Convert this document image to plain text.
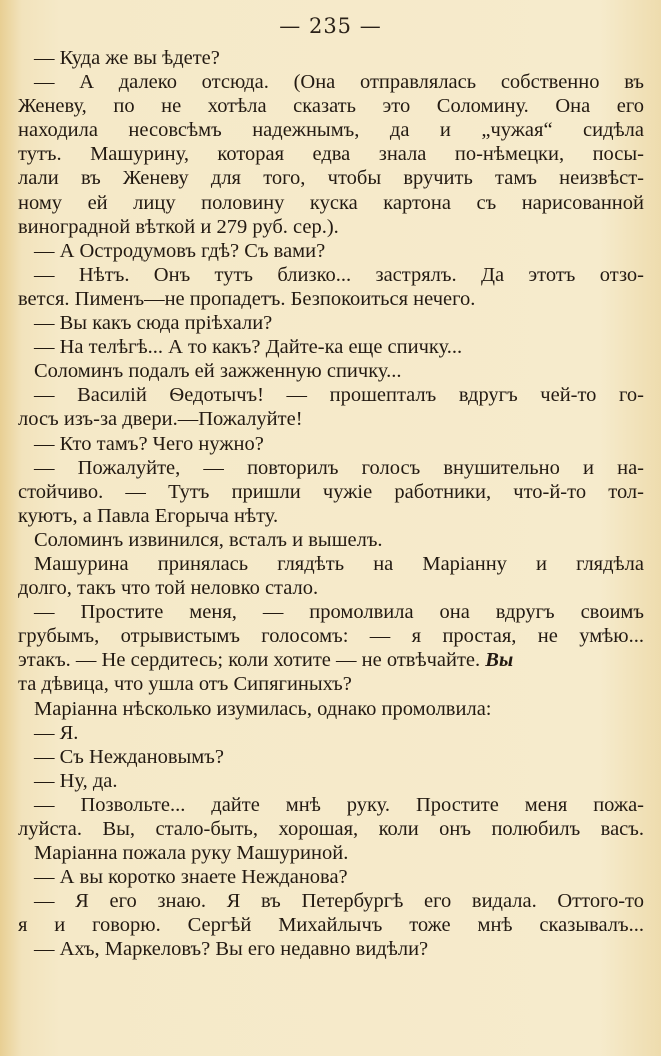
— 235 —
— Куда же вы ѣдете?
— А далеко отсюда. (Она отправлялась собственно въ
Женеву, по не хотѣла сказать это Соломину. Она его
находила несовсѣмъ надежнымъ, да и „чужая“ сидѣла
тутъ. Машурину, которая едва знала по-нѣмецки, посы-
лали въ Женеву для того, чтобы вручить тамъ неизвѣст-
ному ей лицу половину куска картона съ нарисованной
виноградной вѣткой и 279 руб. сер.).
— А Остродумовъ гдѣ? Съ вами?
— Нѣтъ. Онъ тутъ близко... застрялъ. Да этотъ отзо-
вется. Пименъ—не пропадетъ. Безпокоиться нечего.
— Вы какъ сюда пріѣхали?
— На телѣгѣ... А то какъ? Дайте-ка еще спичку...
Соломинъ подалъ ей зажженную спичку...
— Василій Ѳедотычъ! — прошепталъ вдругъ чей-то го-
лосъ изъ-за двери.—Пожалуйте!
— Кто тамъ? Чего нужно?
— Пожалуйте, — повторилъ голосъ внушительно и на-
стойчиво. — Тутъ пришли чужіе работники, что-й-то тол-
куютъ, а Павла Егорыча нѣту.
Соломинъ извинился, всталъ и вышелъ.
Машурина принялась глядѣть на Маріанну и глядѣла
долго, такъ что той неловко стало.
— Простите меня, — промолвила она вдругъ своимъ
грубымъ, отрывистымъ голосомъ: — я простая, не умѣю...
этакъ. — Не сердитесь; коли хотите — не отвѣчайте. Вы
та дѣвица, что ушла отъ Сипягиныхъ?
Маріанна нѣсколько изумилась, однако промолвила:
— Я.
— Съ Неждановымъ?
— Ну, да.
— Позвольте... дайте мнѣ руку. Простите меня пожа-
луйста. Вы, стало-быть, хорошая, коли онъ полюбилъ васъ.
Маріанна пожала руку Машуриной.
— А вы коротко знаете Нежданова?
— Я его знаю. Я въ Петербургѣ его видала. Оттого-то
я и говорю. Сергѣй Михайлычъ тоже мнѣ сказывалъ...
— Ахъ, Маркеловъ? Вы его недавно видѣли?
